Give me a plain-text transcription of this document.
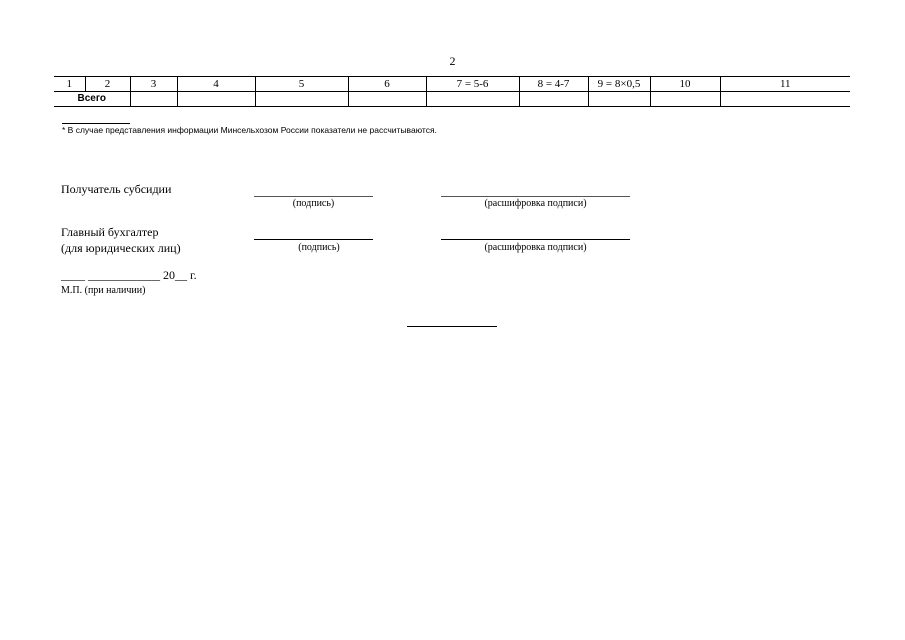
2
1	2	3	4	5	6	7 = 5-6	8 = 4-7	9 = 8×0,5	10	11
Всего										
* В случае представления информации Минсельхозом России показатели не рассчитываются.
Получатель субсидии
(подпись)	(расшифровка подписи)
Главный бухгалтер
(для юридических лиц)	(подпись)	(расшифровка подписи)
____ ____________ 20__ г.
М.П. (при наличии)
